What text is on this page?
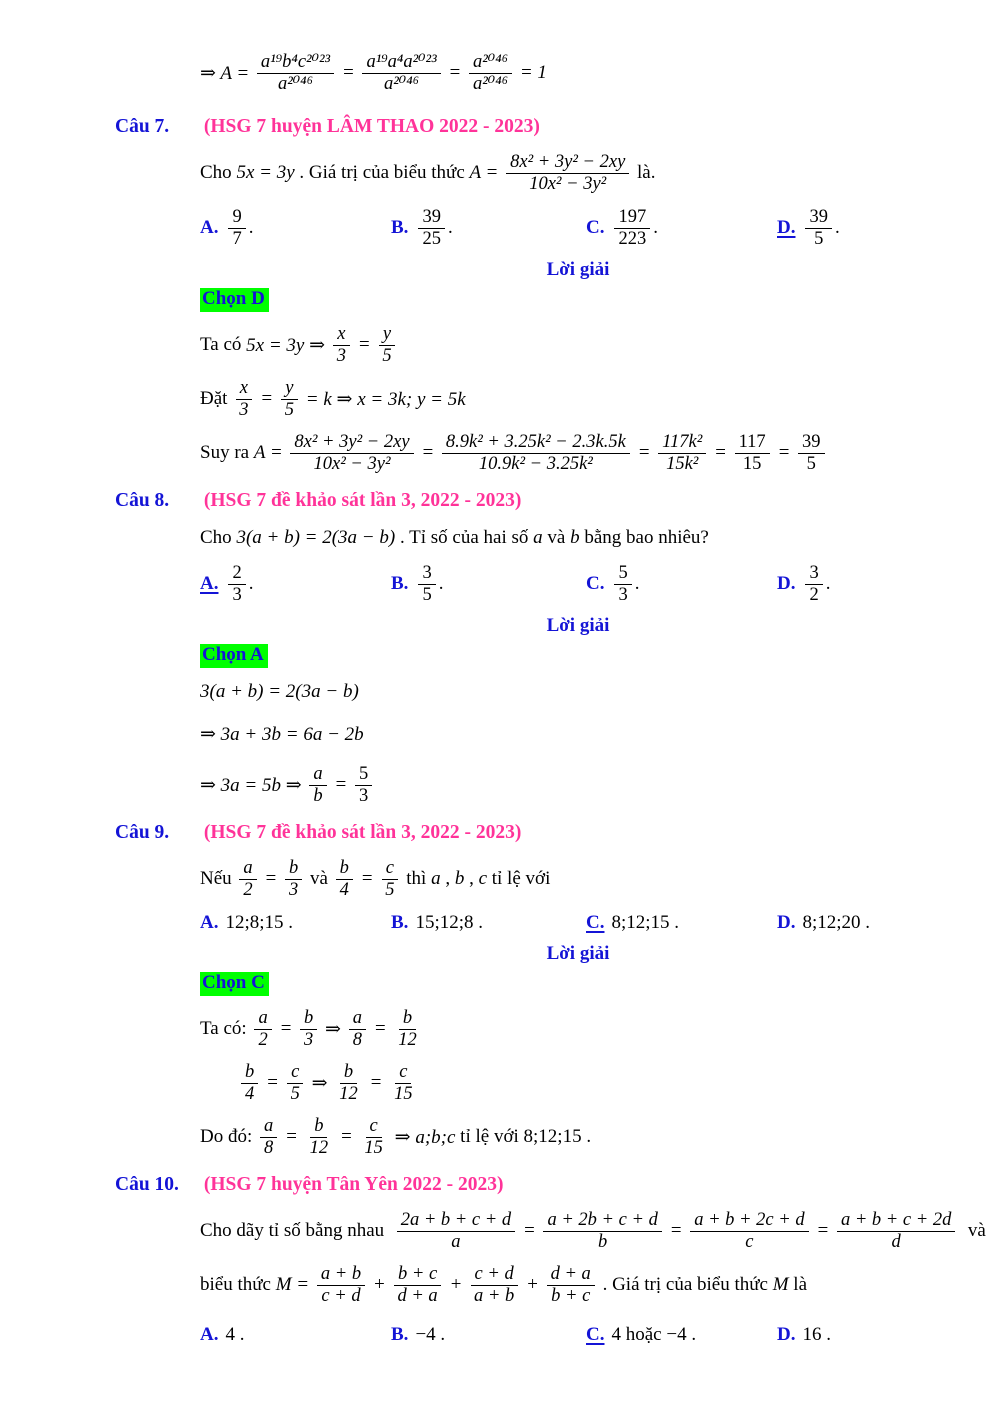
⇒ $A = \frac{\text{a¹⁹b⁴c²⁰²³}}{\text{a²⁰⁴⁶}} = \frac{\text{a¹⁹a⁴a²⁰²³}}{\text{a²⁰⁴⁶}} = \frac{\text{a²⁰⁴⁶}}{\text{a²⁰⁴⁶}} = 1$
Câu 7. (HSG 7 huyện LÂM THAO 2022 - 2023)
Cho 5x = 3y . Giá trị của biểu thức $A = \frac{\text{8x² + 3y² − 2xy}}{\text{10x² − 3y²}}$ là.
A. $\frac{9}{7}$ .	B. $\frac{39}{25}$ .	C. $\frac{197}{223}$ .	D. $\frac{39}{5}$ .
Lời giải
Chọn D
Ta có 5x = 3y ⇒ $\frac{x}{3} = \frac{y}{5}$
Đặt $\frac{x}{3} = \frac{y}{5} = k$ ⇒ x = 3k; y = 5k
Suy ra $A = \frac{\text{8x² + 3y² − 2xy}}{\text{10x² − 3y²}} = \frac{\text{8.9k² + 3.25k² − 2.3k.5k}}{\text{10.9k² − 3.25k²}} = \frac{\text{117k²}}{\text{15k²}} = \frac{117}{15} = \frac{39}{5}$
Câu 8. (HSG 7 đề khảo sát lần 3, 2022 - 2023)
Cho 3(a + b) = 2(3a − b) . Tỉ số của hai số a và b bằng bao nhiêu?
A. $\frac{2}{3}$ .	B. $\frac{3}{5}$ .	C. $\frac{5}{3}$ .	D. $\frac{3}{2}$ .
Lời giải
Chọn A
3(a + b) = 2(3a − b)
⇒ 3a + 3b = 6a − 2b
⇒ 3a = 5b ⇒ $\frac{a}{b} = \frac{5}{3}$
Câu 9. (HSG 7 đề khảo sát lần 3, 2022 - 2023)
Nếu $\frac{a}{2} = \frac{b}{3}$ và $\frac{b}{4} = \frac{c}{5}$ thì a , b , c tỉ lệ với
A. 12;8;15 .	B. 15;12;8 .	C. 8;12;15 .	D. 8;12;20 .
Lời giải
Chọn C
Ta có: $\frac{a}{2} = \frac{b}{3}$ ⇒ $\frac{a}{8} = \frac{b}{12}$
$\frac{b}{4} = \frac{c}{5}$ ⇒ $\frac{b}{12} = \frac{c}{15}$
Do đó: $\frac{a}{8} = \frac{b}{12} = \frac{c}{15}$ ⇒ a;b;c tỉ lệ với 8;12;15 .
Câu 10. (HSG 7 huyện Tân Yên 2022 - 2023)
Cho dãy tỉ số bằng nhau $\frac{2a + b + c + d}{a} = \frac{a + 2b + c + d}{b} = \frac{a + b + 2c + d}{c} = \frac{a + b + c + 2d}{d}$ và
biểu thức $M = \frac{a + b}{c + d} + \frac{b + c}{d + a} + \frac{c + d}{a + b} + \frac{d + a}{b + c}$ . Giá trị của biểu thức M là
A. 4 .	B. −4 .	C. 4 hoặc −4 .	D. 16 .
